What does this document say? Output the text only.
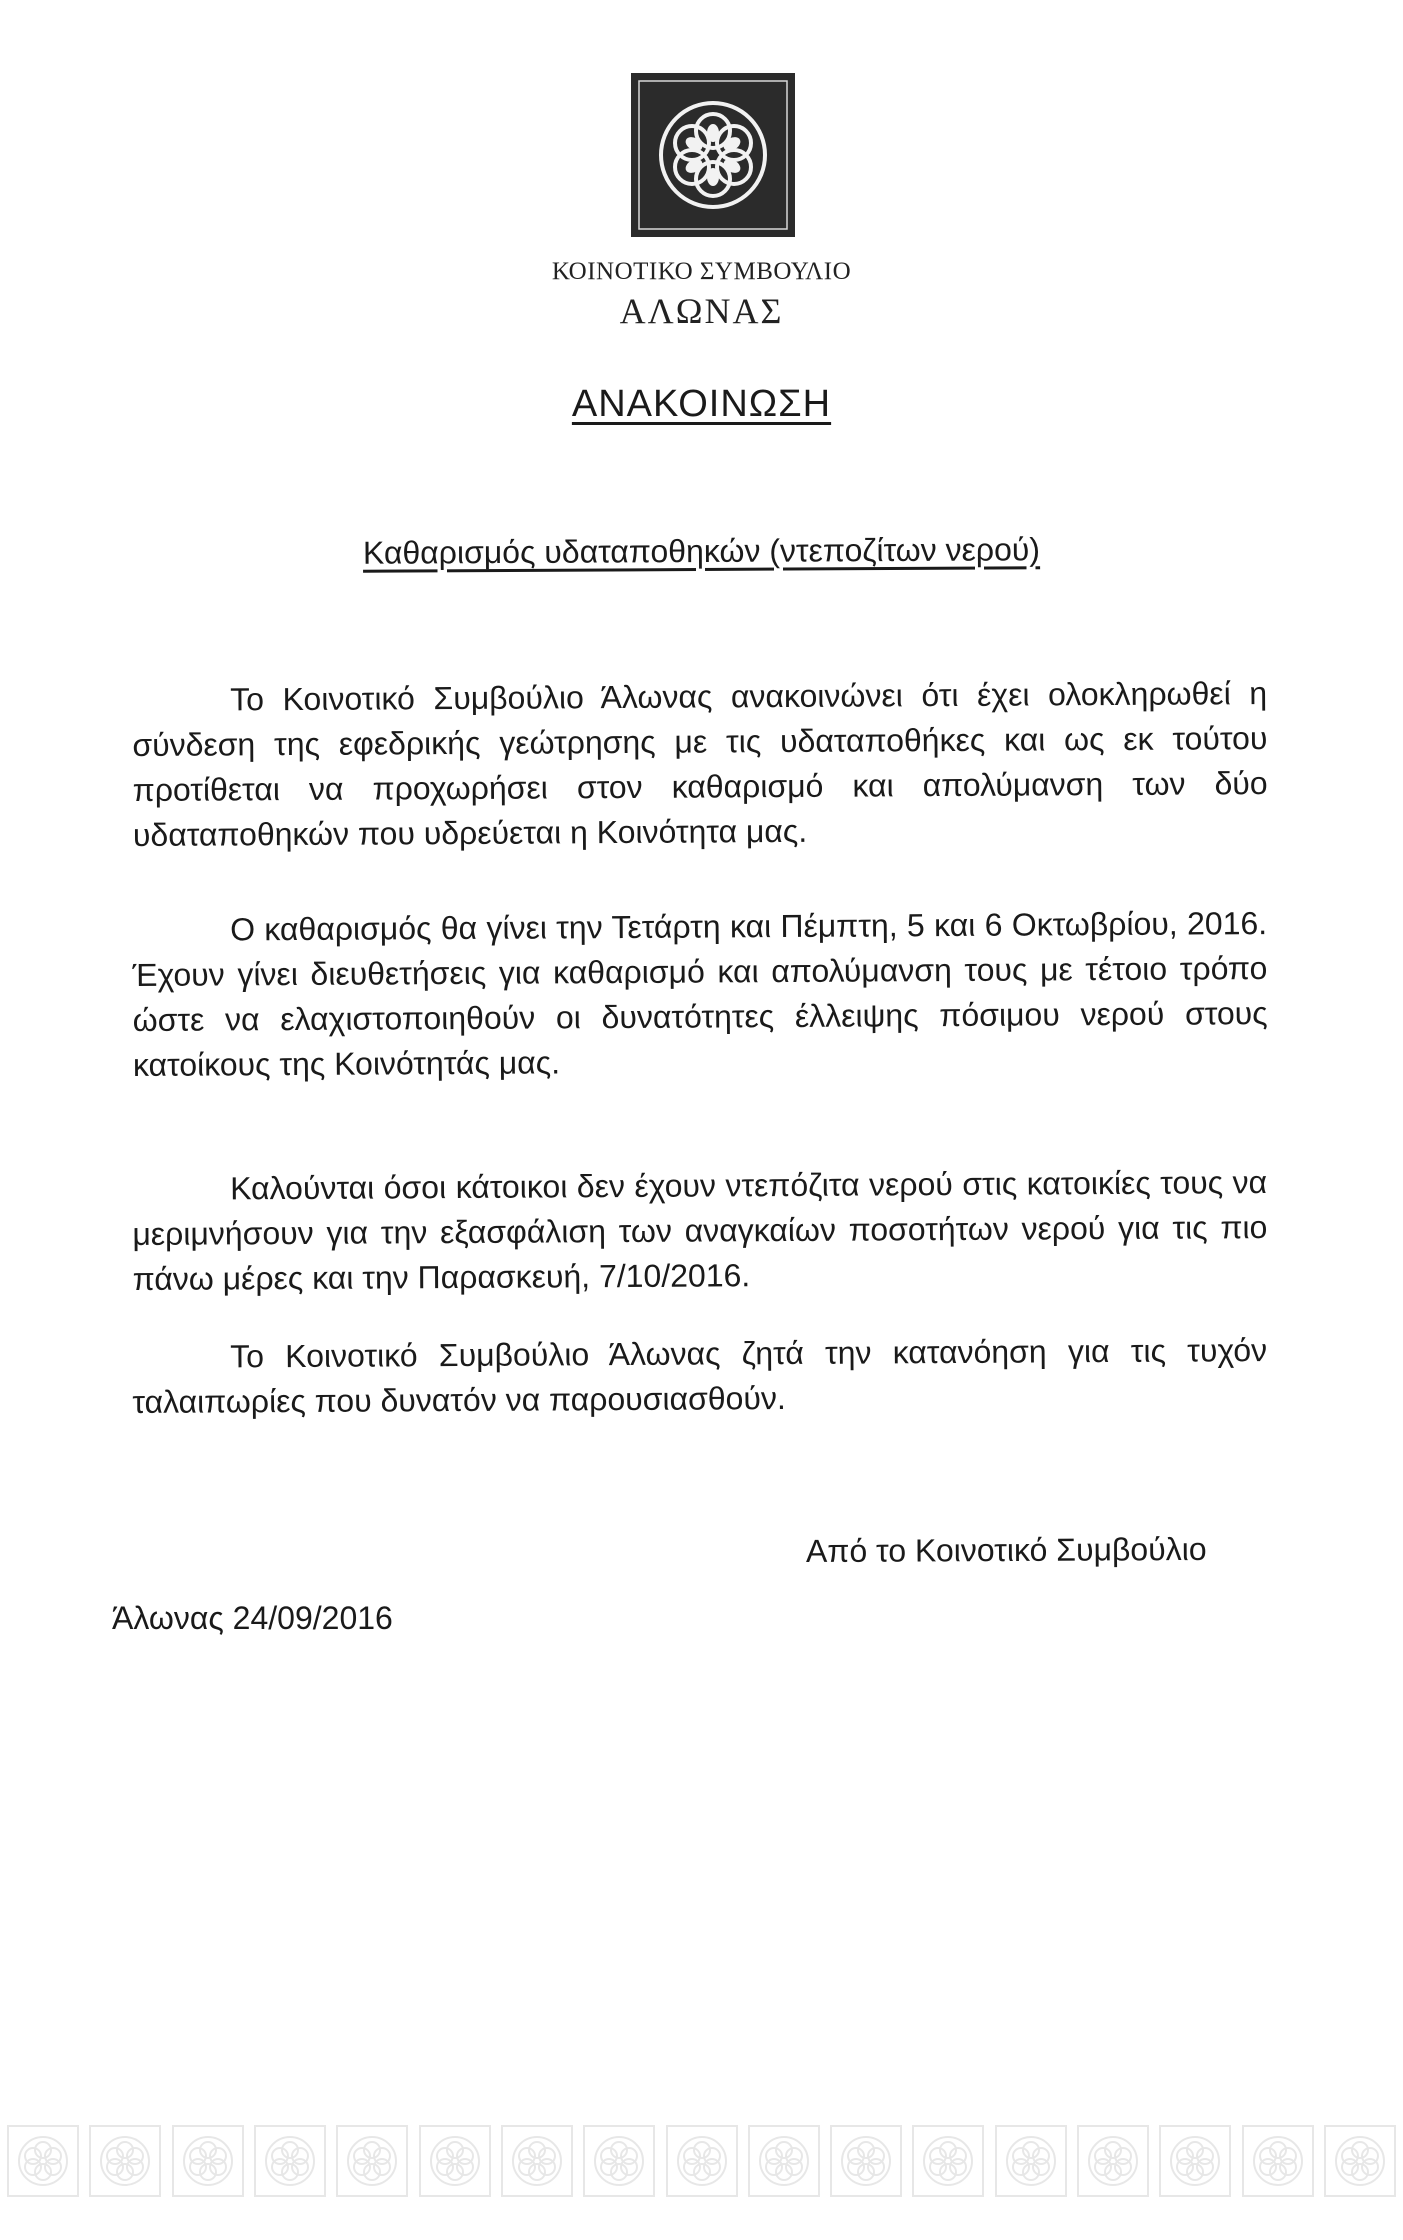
ΚΟΙΝΟΤΙΚΟ ΣΥΜΒΟΥΛΙΟ
ΑΛΩΝΑΣ
ΑΝΑΚΟΙΝΩΣΗ
Καθαρισμός υδαταποθηκών (ντεποζίτων νερού)

Το Κοινοτικό Συμβούλιο Άλωνας ανακοινώνει ότι έχει ολοκληρωθεί η σύνδεση της εφεδρικής γεώτρησης με τις υδαταποθήκες και ως εκ τούτου προτίθεται να προχωρήσει στον καθαρισμό και απολύμανση των δύο υδαταποθηκών που υδρεύεται η Κοινότητα μας.

Ο καθαρισμός θα γίνει την Τετάρτη και Πέμπτη, 5 και 6 Οκτωβρίου, 2016. Έχουν γίνει διευθετήσεις για καθαρισμό και απολύμανση τους με τέτοιο τρόπο ώστε να ελαχιστοποιηθούν οι δυνατότητες έλλειψης πόσιμου νερού στους κατοίκους της Κοινότητάς μας.

Καλούνται όσοι κάτοικοι δεν έχουν ντεπόζιτα νερού στις κατοικίες τους να μεριμνήσουν για την εξασφάλιση των αναγκαίων ποσοτήτων νερού για τις πιο πάνω μέρες και την Παρασκευή, 7/10/2016.

Το Κοινοτικό Συμβούλιο Άλωνας ζητά την κατανόηση για τις τυχόν ταλαιπωρίες που δυνατόν να παρουσιασθούν.

Από το Κοινοτικό Συμβούλιο
Άλωνας 24/09/2016
